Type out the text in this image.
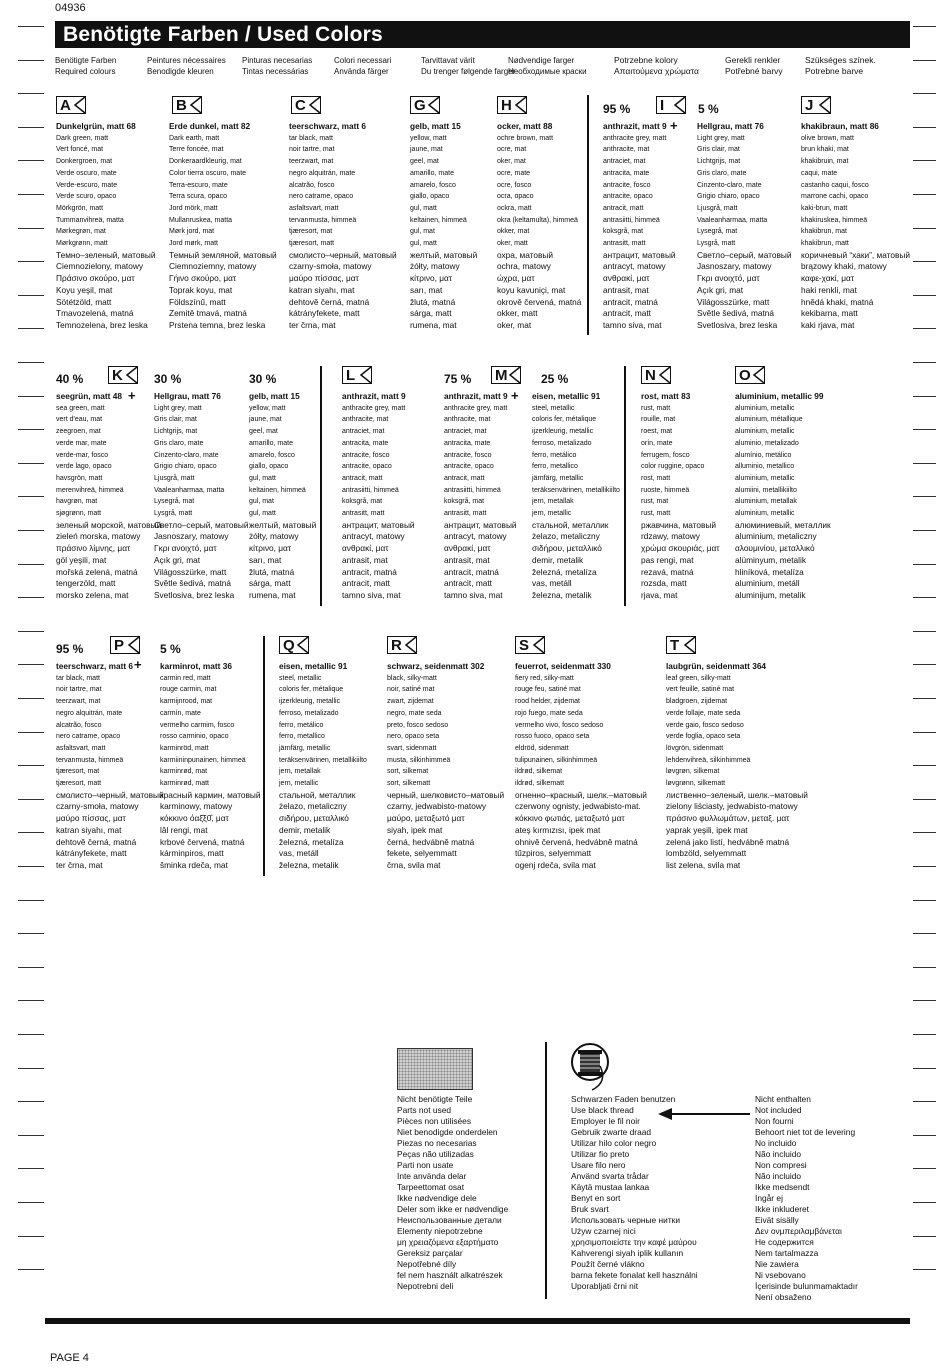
04936
Benötigte Farben / Used Colors
Benötigte Farben
Required colours
Peintures nécessaires
Benodigde kleuren
Pinturas necesarias
Tintas necessárias
Colori necessari
Använda färger
Tarvittavat värit
Du trenger følgende farger
Nødvendige farger
Необходимые краски
Potrzebne kolory
Απαιτούμενα χρώματα
Gerekli renkler
Potřebné barvy
Szükséges színek.
Potrebne barve
A
Dunkelgrün, matt 68
Dark green, matt
Vert foncé, mat
Donkergroen, mat
Verde oscuro, mate
Verde-escuro, mate
Verde scuro, opaco
Mörkgrön, matt
Tummanvihreä, matta
Mørkegrøn, mat
Mørkgrønn, matt
Темно–зеленый, матовый
Ciemnozielony, matowy
Πράσινο σκούρο, ματ
Koyu yeşil, mat
Sötétzöld, matt
Tmavozelená, matná
Temnozelena, brez leska
B
Erde dunkel, matt 82
Dark earth, matt
Terre foncée, mat
Donkeraardkleurig, mat
Color tierra oscuro, mate
Terra-escuro, mate
Terra scura, opaco
Jord mörk, matt
Mullanruskea, matta
Mørk jord, mat
Jord mørk, matt
Темный земляной, матовый
Ciemnoziemny, matowy
Γήινο σκούρο, ματ
Toprak koyu, mat
Földszínű, matt
Zemitě tmavá, matná
Prstena temna, brez leska
C
teerschwarz, matt 6
tar black, matt
noir tartre, mat
teerzwart, mat
negro alquitrán, mate
alcatrão, fosco
nero catrame, opaco
asfaltsvart, matt
tervanmusta, himmeä
tjæresort, mat
tjæresort, matt
смолисто–черный, матовый
czarny-smoła, matowy
μαύρο πίσσας, ματ
katran siyahı, mat
dehtově černá, matná
kátrányfekete, matt
ter črna, mat
G
gelb, matt 15
yellow, matt
jaune, mat
geel, mat
amarillo, mate
amarelo, fosco
giallo, opaco
gul, matt
keltainen, himmeä
gul, mat
gul, matt
желтый, матовый
żółty, matowy
κίτρινο, ματ
sarı, mat
žlutá, matná
sárga, matt
rumena, mat
H
ocker, matt 88
ochre brown, matt
ocre, mat
oker, mat
ocre, mate
ocre, fosco
ocra, opaco
ockra, matt
okra (keltamulta), himmeä
okker, mat
oker, matt
охра, матовый
ochra, matowy
ώχρα, ματ
koyu kavuniçi, mat
okrově červená, matná
okker, matt
oker, mat
I
anthrazit, matt 9
anthracite grey, matt
anthracite, mat
antraciet, mat
antracita, mate
antracite, fosco
antracite, opaco
antracit, matt
antrasiitti, himmeä
koksgrå, mat
antrasitt, matt
антрацит, матовый
antracyt, matowy
ανθρακί, ματ
antrasit, mat
antracit, matná
antracit, matt
tamno siva, mat
Hellgrau, matt 76
Light grey, matt
Gris clair, mat
Lichtgrijs, mat
Gris claro, mate
Cinzento-claro, mate
Grigio chiaro, opaco
Ljusgrå, matt
Vaaleanharmaa, matta
Lysegrå, mat
Lysgrå, matt
Светло–серый, матовый
Jasnoszary, matowy
Γκρι ανοιχτό, ματ
Açık gri, mat
Világosszürke, matt
Světle šedivá, matná
Svetlosiva, brez leska
J
khakibraun, matt 86
olive brown, matt
brun khaki, mat
khakibruin, mat
caqui, mate
castanho caqui, fosco
marrone cachi, opaco
kaki-brun, matt
khakiruskea, himmeä
khakibrun, mat
khakibrun, matt
коричневый “хаки”, матовый
brązowy khaki, matowy
καφε-χακί, ματ
haki renkli, mat
hnědá khaki, matná
kekibarna, matt
kaki rjava, mat
K
seegrün, matt 48
sea green, matt
vert d'eau, mat
zeegroen, mat
verde mar, mate
verde-mar, fosco
verde lago, opaco
havsgrön, matt
merenvihreä, himmeä
havgrøn, mat
sjøgrønn, matt
зеленый морской, матовый
zieleń morska, matowy
πράσινο λίμνης, ματ
göl yeşili, mat
mořská zelená, matná
tengerzöld, matt
morsko zelena, mat
Hellgrau, matt 76
Light grey, matt
Gris clair, mat
Lichtgrijs, mat
Gris claro, mate
Cinzento-claro, mate
Grigio chiaro, opaco
Ljusgrå, matt
Vaaleanharmaa, matta
Lysegrå, mat
Lysgrå, matt
Светло–серый, матовый
Jasnoszary, matowy
Γκρι ανοιχτό, ματ
Açık gri, mat
Világosszürke, matt
Světle šedivá, matná
Svetlosiva, brez leska
gelb, matt 15
yellow, matt
jaune, mat
geel, mat
amarillo, mate
amarelo, fosco
giallo, opaco
gul, matt
keltainen, himmeä
gul, mat
gul, matt
желтый, матовый
żółty, matowy
κίτρινο, ματ
sarı, mat
žlutá, matná
sárga, matt
rumena, mat
L
anthrazit, matt 9
anthracite grey, matt
anthracite, mat
antraciet, mat
antracita, mate
antracite, fosco
antracite, opaco
antracit, matt
antrasiitti, himmeä
koksgrå, mat
antrasitt, matt
антрацит, матовый
antracyt, matowy
ανθρακί, ματ
antrasit, mat
antracit, matná
antracit, matt
tamno siva, mat
M
anthrazit, matt 9
anthracite grey, matt
anthracite, mat
antraciet, mat
antracita, mate
antracite, fosco
antracite, opaco
antracit, matt
antrasiitti, himmeä
koksgrå, mat
antrasitt, matt
антрацит, матовый
antracyt, matowy
ανθρακί, ματ
antrasit, mat
antracit, matná
antracit, matt
tamno siva, mat
eisen, metallic 91
steel, metallic
coloris fer, métalique
ijzerkleurig, metallic
ferroso, metalizado
ferro, metálico
ferro, metallico
järnfärg, metallic
teräksenvärinen, metallikiilto
jern, metallak
jern, metallic
стальной, металлик
żelazo, metaliczny
σιδήρου, μεταλλικό
demir, metalik
železná, metalíza
vas, metáll
železna, metalik
N
rost, matt 83
rust, matt
rouille, mat
roest, mat
orín, mate
ferrugem, fosco
color ruggine, opaco
rost, matt
ruoste, himmeä
rust, mat
rust, matt
ржавчина, матовый
rdzawy, matowy
χρώμα σκουριάς, ματ
pas rengi, mat
rezavá, matná
rozsda, matt
rjava, mat
O
aluminium, metallic 99
aluminium, metallic
aluminium, métallique
aluminium, metallic
aluminio, metalizado
alumínio, metálico
alluminio, metallico
aluminium, metallic
alumiini, metallikiilto
aluminium, metallak
aluminium, metallic
алюминиевый, металлик
aluminium, metaliczny
αλουμινίου, μεταλλικό
alüminyum, metalik
hliníková, metalíza
aluminium, metáll
aluminijum, metalik
P
teerschwarz, matt 6
tar black, matt
noir tartre, mat
teerzwart, mat
negro alquitrán, mate
alcatrão, fosco
nero catrame, opaco
asfaltsvart, matt
tervanmusta, himmeä
tjæresort, mat
tjæresort, matt
смолисто–черный, матовый
czarny-smoła, matowy
μαύρο πίσσας, ματ
katran siyahı, mat
dehtově černá, matná
kátrányfekete, matt
ter črna, mat
karminrot, matt 36
carmin red, matt
rouge carmin, mat
karmijnrood, mat
carmín, mate
vermelho carmim, fosco
rosso carminio, opaco
karminröd, matt
karmiininpunainen, himmeä
karminrød, mat
karminrød, matt
красный кармин, матовый
karminowy, matowy
κόκκινο όαξ̂ξ0̂, ματ
lâl rengi, mat
krbové červená, matná
kárminpiros, matt
šminka rdeča, mat
Q
eisen, metallic 91
steel, metallic
coloris fer, métalique
ijzerkleurig, metallic
ferroso, metalizado
ferro, metálico
ferro, metallico
järnfärg, metallic
teräksenvärinen, metallikiilto
jern, metallak
jern, metallic
стальной, металлик
żelazo, metaliczny
σιδήρου, μεταλλικό
demir, metalik
železná, metalíza
vas, metáll
železna, metalik
R
schwarz, seidenmatt 302
black, silky-matt
noir, satiné mat
zwart, zijdemat
negro, mate seda
preto, fosco sedoso
nero, opaco seta
svart, sidenmatt
musta, silkinhimmeä
sort, silkemat
sort, silkematt
черный, шелковисто–матовый
czarny, jedwabisto-matowy
μαύρο, μεταξωτό ματ
siyah, ipek mat
černá, hedvábně matná
fekete, selyemmatt
črna, svila mat
S
feuerrot, seidenmatt 330
fiery red, silky-matt
rouge feu, satiné mat
rood helder, zijdemat
rojo fuego, mate seda
vermelho vivo, fosco sedoso
rosso fuoco, opaco seta
eldröd, sidenmatt
tulipunainen, silkinhimmeä
ildrød, silkemat
ildrød, silkematt
огненно–красный, шелк.–матовый
czerwony ognisty, jedwabisto-mat.
κόκκινο φωτιάς, μεταξωτό ματ
ateş kırmızısı, ipek mat
ohnivě červená, hedvábně matná
tűzpiros, selyemmatt
ogenj rdeča, svila mat
T
laubgrün, seidenmatt 364
leaf green, silky-matt
vert feuille, satiné mat
bladgroen, zijdemat
verde follaje, mate seda
verde gaio, fosco sedoso
verde foglia, opaco seta
lövgrön, sidenmatt
lehdenvihreä, silkinhimmeä
løvgrøn, silkemat
løvgrønn, silkematt
лиственно–зеленый, шелк.–матовый
zielony liściasty, jedwabisto-matowy
πράσινο φυλλωμάτων, μεταξ. ματ
yaprak yeşili, ipek mat
zelená jako listí, hedvábně matná
lombzöld, selyemmatt
list zelena, svila mat
95 %
+
5 %
40 %
+
30 %	30 %	75 %
+
25 %
95 %
+
5 %
Nicht benötigte Teile
Parts not used
Pièces non utilisées
Niet benodigde onderdelen
Piezas no necesarias
Peças não utilizadas
Parti non usate
Inte använda delar
Tarpeettomat osat
Ikke nødvendige dele
Deler som ikke er nødvendige
Неиспользованные детали
Elementy niepotrzebne
μη χρειαζόμενα εξαρτήματο
Gereksiz parçalar
Nepotřebné díly
fel nem használt alkatrészek
Nepotrebni deli
Schwarzen Faden benutzen
Use black thread
Employer le fil noir
Gebruik zwarte draad
Utilizar hilo color negro
Utilizar fio preto
Usare filo nero
Använd svarta trådar
Käytä mustaa lankaa
Benyt en sort
Bruk svart
Использовать черные нитки
Używ czarnej nici
χρησιμοποιείστε την καφέ μαύρου
Kahverengi siyah iplik kullanın
Použít černé vlákno
barna fekete fonalat kell használni
Uporabljati črni nit
Nicht enthalten
Not included
Non fourni
Behoort niet tot de levering
No incluido
Não incluido
Non compresi
Não incluido
Ikke medsendt
Ingår ej
Ikke inkluderet
Eivät sisälly
Δεν ονμπεριλαμβάνεται
Не содержится
Nem tartalmazza
Nie zawiera
Ni vsebovano
İçerisinde bulunmamaktadır
Není obsaženo
PAGE 4
